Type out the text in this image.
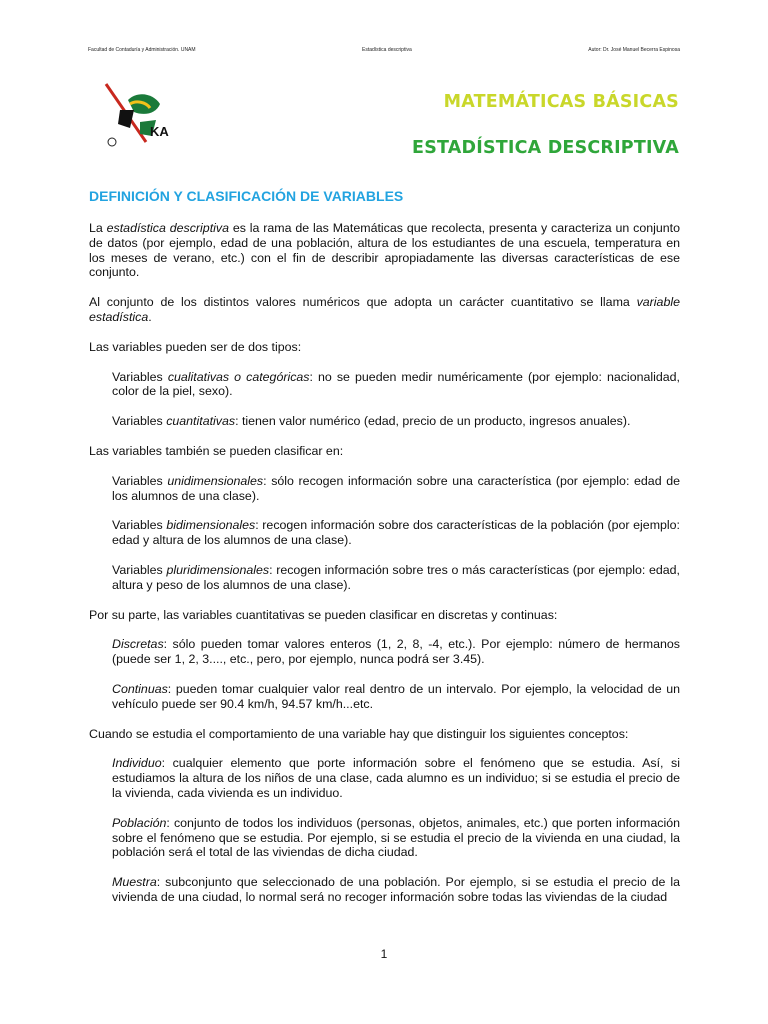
Facultad de Contaduría y Administración. UNAM	Estadística descriptiva	Autor: Dr. José Manuel Becerra Espinosa
KA
MATEMÁTICAS BÁSICAS
ESTADÍSTICA DESCRIPTIVA
DEFINICIÓN Y CLASIFICACIÓN DE VARIABLES

La estadística descriptiva es la rama de las Matemáticas que recolecta, presenta y caracteriza un conjunto de datos (por ejemplo, edad de una población, altura de los estudiantes de una escuela, temperatura en los meses de verano, etc.) con el fin de describir apropiadamente las diversas características de ese conjunto.

Al conjunto de los distintos valores numéricos que adopta un carácter cuantitativo se llama variable estadística.

Las variables pueden ser de dos tipos:

Variables cualitativas o categóricas: no se pueden medir numéricamente (por ejemplo: nacionalidad, color de la piel, sexo).

Variables cuantitativas: tienen valor numérico (edad, precio de un producto, ingresos anuales).

Las variables también se pueden clasificar en:

Variables unidimensionales: sólo recogen información sobre una característica (por ejemplo: edad de los alumnos de una clase).

Variables bidimensionales: recogen información sobre dos características de la población (por ejemplo: edad y altura de los alumnos de una clase).

Variables pluridimensionales: recogen información sobre tres o más características (por ejemplo: edad, altura y peso de los alumnos de una clase).

Por su parte, las variables cuantitativas se pueden clasificar en discretas y continuas:

Discretas: sólo pueden tomar valores enteros (1, 2, 8, -4, etc.). Por ejemplo: número de hermanos (puede ser 1, 2, 3...., etc., pero, por ejemplo, nunca podrá ser 3.45).

Continuas: pueden tomar cualquier valor real dentro de un intervalo. Por ejemplo, la velocidad de un vehículo puede ser 90.4 km/h, 94.57 km/h...etc.

Cuando se estudia el comportamiento de una variable hay que distinguir los siguientes conceptos:

Individuo: cualquier elemento que porte información sobre el fenómeno que se estudia. Así, si estudiamos la altura de los niños de una clase, cada alumno es un individuo; si se estudia el precio de la vivienda, cada vivienda es un individuo.

Población: conjunto de todos los individuos (personas, objetos, animales, etc.) que porten información sobre el fenómeno que se estudia. Por ejemplo, si se estudia el precio de la vivienda en una ciudad, la población será el total de las viviendas de dicha ciudad.

Muestra: subconjunto que seleccionado de una población. Por ejemplo, si se estudia el precio de la vivienda de una ciudad, lo normal será no recoger información sobre todas las viviendas de la ciudad

1
